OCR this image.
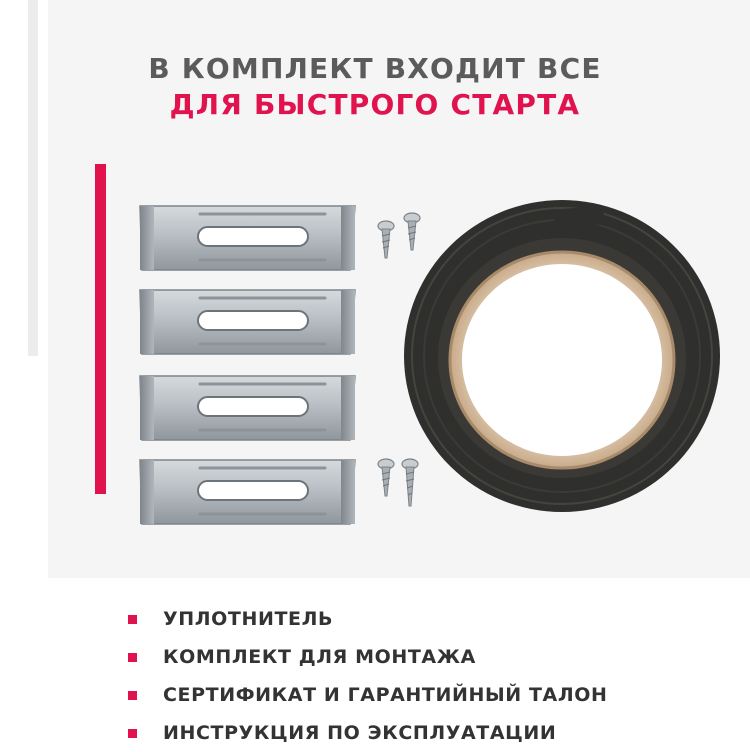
В КОМПЛЕКТ ВХОДИТ ВСЕ
ДЛЯ БЫСТРОГО СТАРТА
УПЛОТНИТЕЛЬ
КОМПЛЕКТ ДЛЯ МОНТАЖА
СЕРТИФИКАТ И ГАРАНТИЙНЫЙ ТАЛОН
ИНСТРУКЦИЯ ПО ЭКСПЛУАТАЦИИ
